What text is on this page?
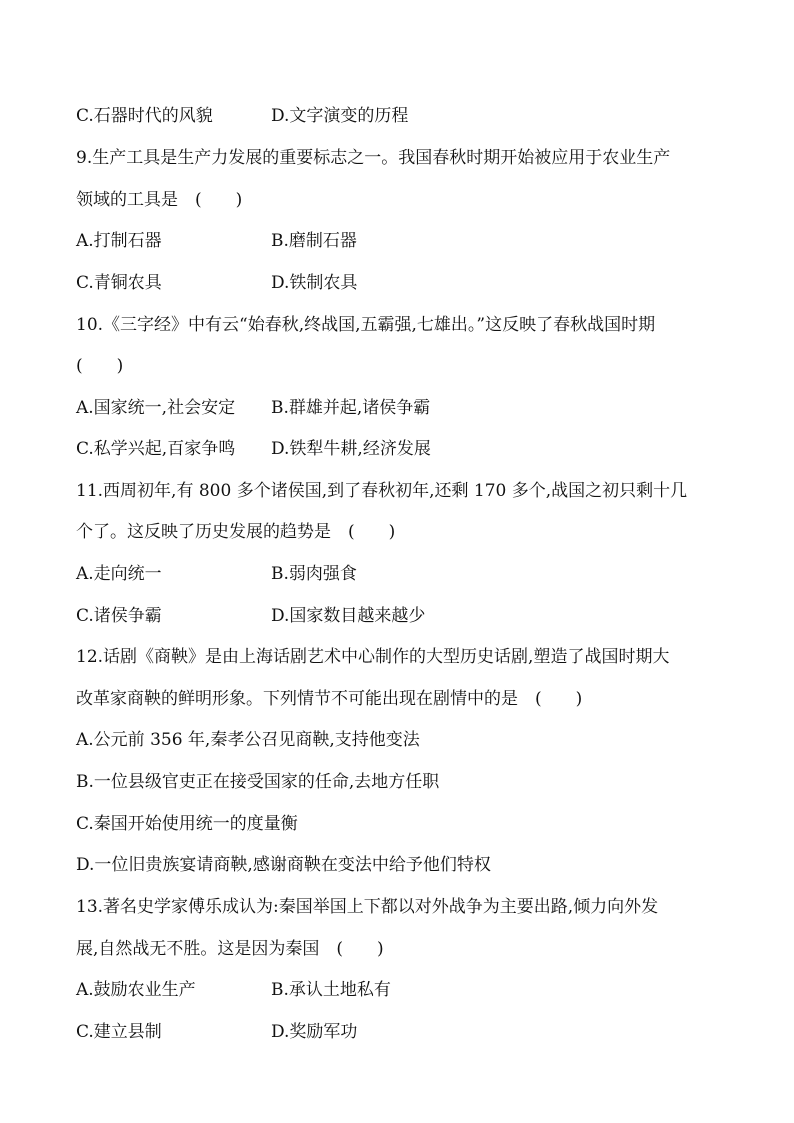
C.石器时代的风貌	D.文字演变的历程
9.生产工具是生产力发展的重要标志之一。我国春秋时期开始被应用于农业生产
领域的工具是　(　　)
A.打制石器	B.磨制石器
C.青铜农具	D.铁制农具
10.《三字经》中有云“始春秋,终战国,五霸强,七雄出。”这反映了春秋战国时期
(　　)
A.国家统一,社会安定 B.群雄并起,诸侯争霸
C.私学兴起,百家争鸣 D.铁犁牛耕,经济发展
11.西周初年,有 800 多个诸侯国,到了春秋初年,还剩 170 多个,战国之初只剩十几
个了。这反映了历史发展的趋势是　(　　)
A.走向统一	B.弱肉强食
C.诸侯争霸	D.国家数目越来越少
12.话剧《商鞅》是由上海话剧艺术中心制作的大型历史话剧,塑造了战国时期大
改革家商鞅的鲜明形象。下列情节不可能出现在剧情中的是　(　　)
A.公元前 356 年,秦孝公召见商鞅,支持他变法
B.一位县级官吏正在接受国家的任命,去地方任职
C.秦国开始使用统一的度量衡
D.一位旧贵族宴请商鞅,感谢商鞅在变法中给予他们特权
13.著名史学家傅乐成认为:秦国举国上下都以对外战争为主要出路,倾力向外发
展,自然战无不胜。这是因为秦国　(　　)
A.鼓励农业生产	B.承认土地私有
C.建立县制	D.奖励军功
